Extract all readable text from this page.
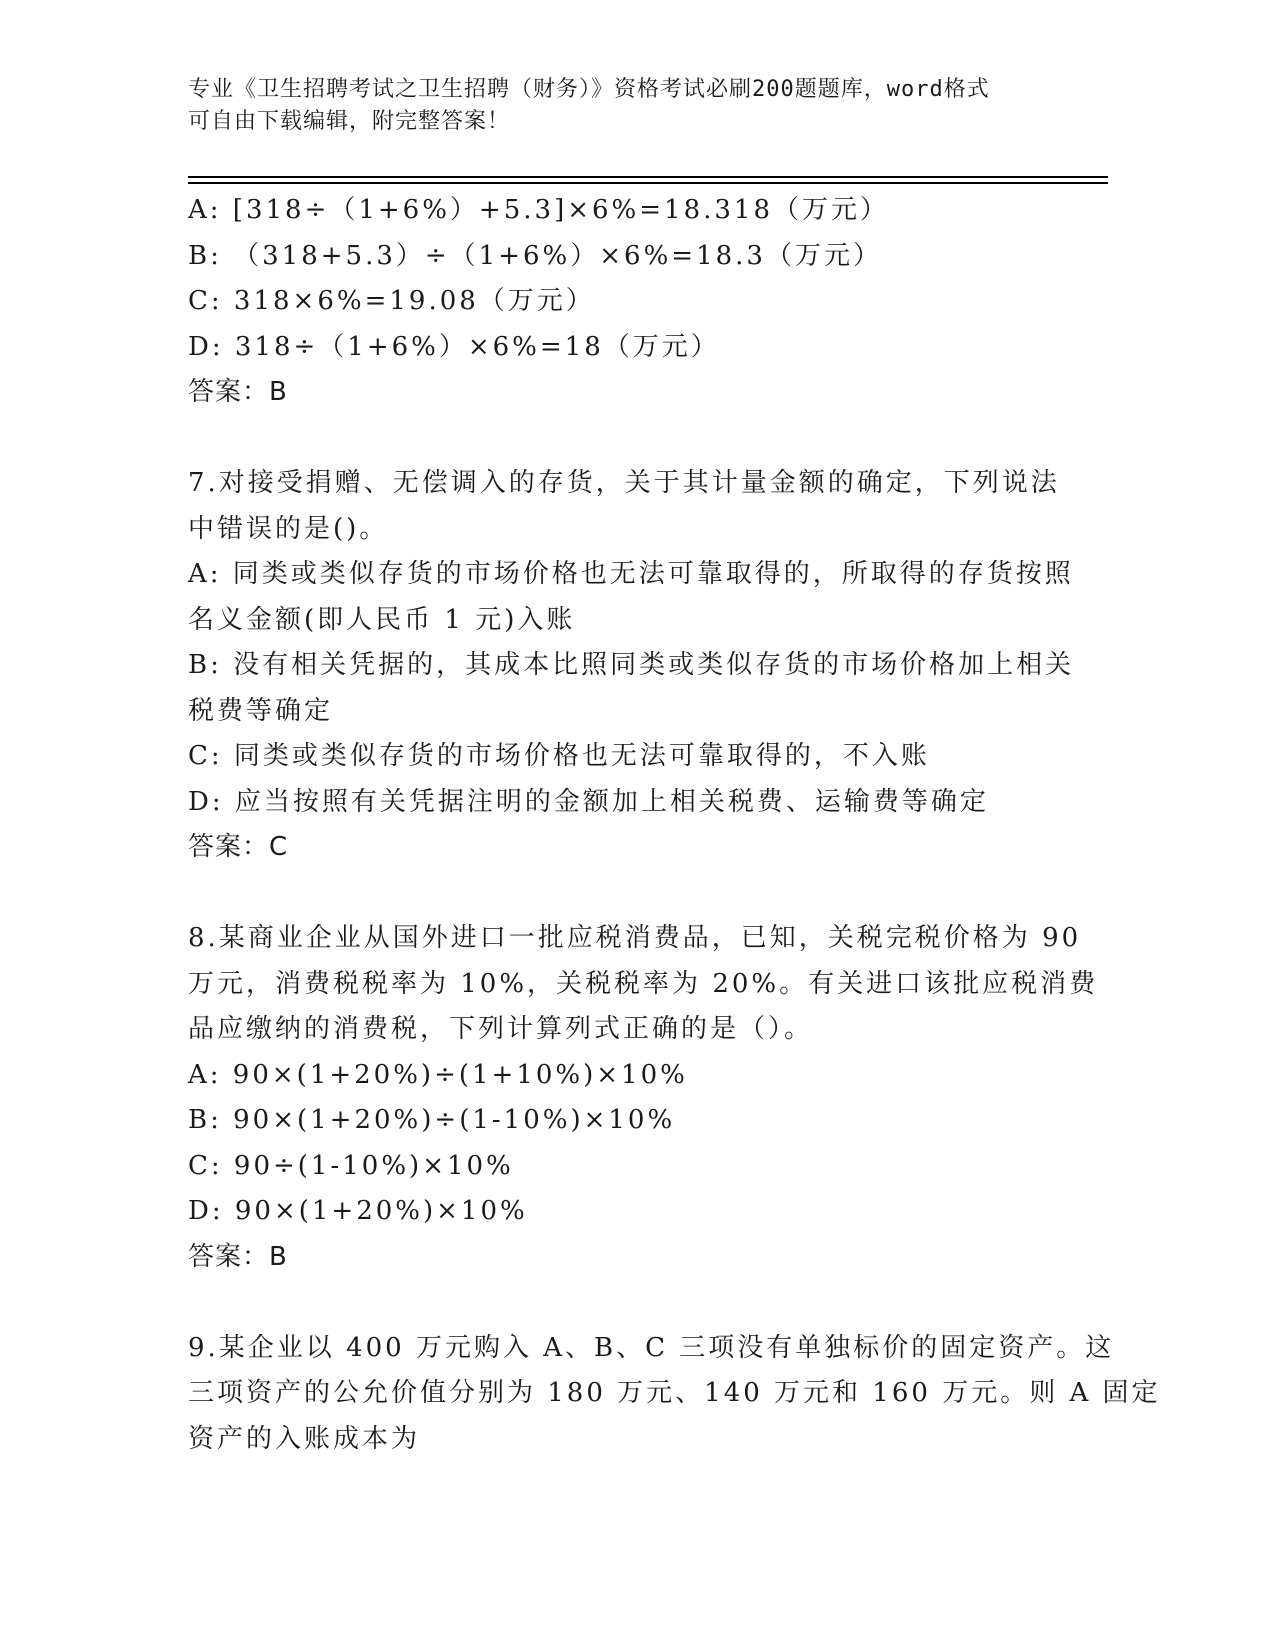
专业《卫生招聘考试之卫生招聘（财务）》资格考试必刷200题题库，word格式
可自由下载编辑，附完整答案！
A: [318÷（1+6%）+5.3]×6%=18.318（万元）
B: （318+5.3）÷（1+6%）×6%=18.3（万元）
C: 318×6%=19.08（万元）
D: 318÷（1+6%）×6%=18（万元）
答案：B
7.对接受捐赠、无偿调入的存货，关于其计量金额的确定，下列说法
中错误的是()。
A: 同类或类似存货的市场价格也无法可靠取得的，所取得的存货按照
名义金额(即人民币 1 元)入账
B: 没有相关凭据的，其成本比照同类或类似存货的市场价格加上相关
税费等确定
C: 同类或类似存货的市场价格也无法可靠取得的，不入账
D: 应当按照有关凭据注明的金额加上相关税费、运输费等确定
答案：C
8.某商业企业从国外进口一批应税消费品，已知，关税完税价格为 90
万元，消费税税率为 10%，关税税率为 20%。有关进口该批应税消费
品应缴纳的消费税，下列计算列式正确的是（）。
A: 90×(1+20%)÷(1+10%)×10%
B: 90×(1+20%)÷(1-10%)×10%
C: 90÷(1-10%)×10%
D: 90×(1+20%)×10%
答案：B
9.某企业以 400 万元购入 A、B、C 三项没有单独标价的固定资产。这
三项资产的公允价值分别为 180 万元、140 万元和 160 万元。则 A 固定
资产的入账成本为
